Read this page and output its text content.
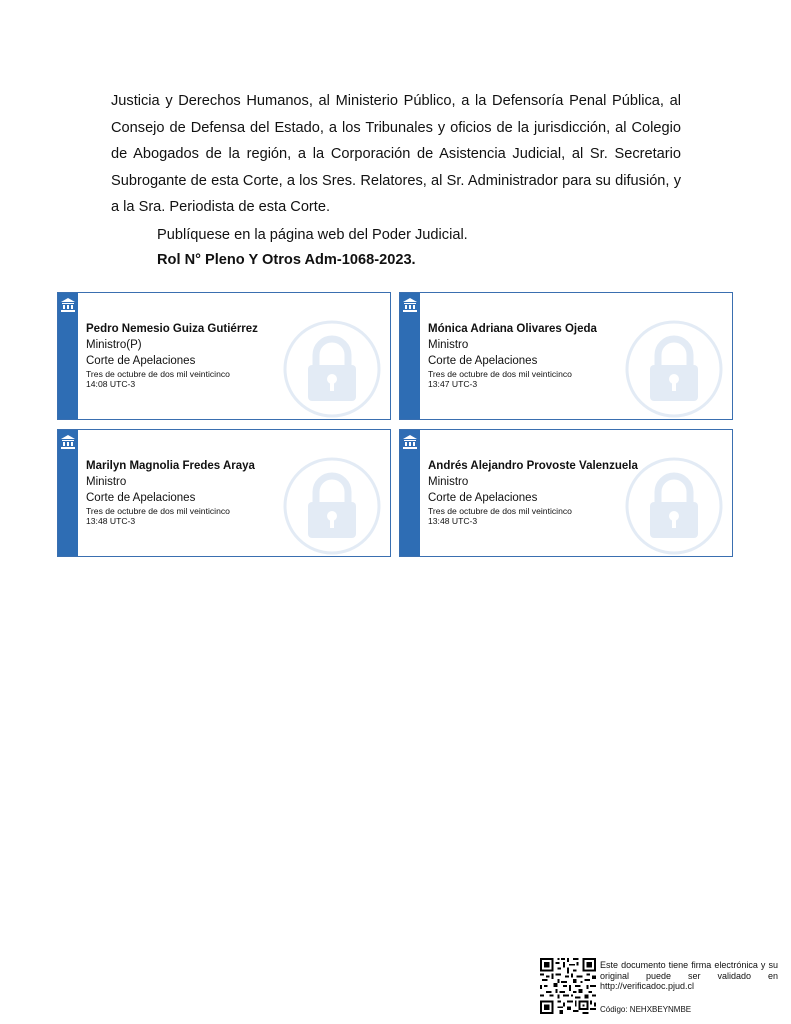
Justicia y Derechos Humanos, al Ministerio Público, a la Defensoría Penal Pública, al Consejo de Defensa del Estado, a los Tribunales y oficios de la jurisdicción, al Colegio de Abogados de la región, a la Corporación de Asistencia Judicial, al Sr. Secretario Subrogante de esta Corte, a los Sres. Relatores, al Sr. Administrador para su difusión, y a la Sra. Periodista de esta Corte.

Publíquese en la página web del Poder Judicial.
Rol N° Pleno Y Otros Adm-1068-2023.
Pedro Nemesio Guiza Gutiérrez
Ministro(P)
Corte de Apelaciones
Tres de octubre de dos mil veinticinco
14:08 UTC-3
Mónica Adriana Olivares Ojeda
Ministro
Corte de Apelaciones
Tres de octubre de dos mil veinticinco
13:47 UTC-3
Marilyn Magnolia Fredes Araya
Ministro
Corte de Apelaciones
Tres de octubre de dos mil veinticinco
13:48 UTC-3
Andrés Alejandro Provoste Valenzuela
Ministro
Corte de Apelaciones
Tres de octubre de dos mil veinticinco
13:48 UTC-3
Este documento tiene firma electrónica y su original puede ser validado en http://verificadoc.pjud.cl
Código: NEHXBEYNMBE
